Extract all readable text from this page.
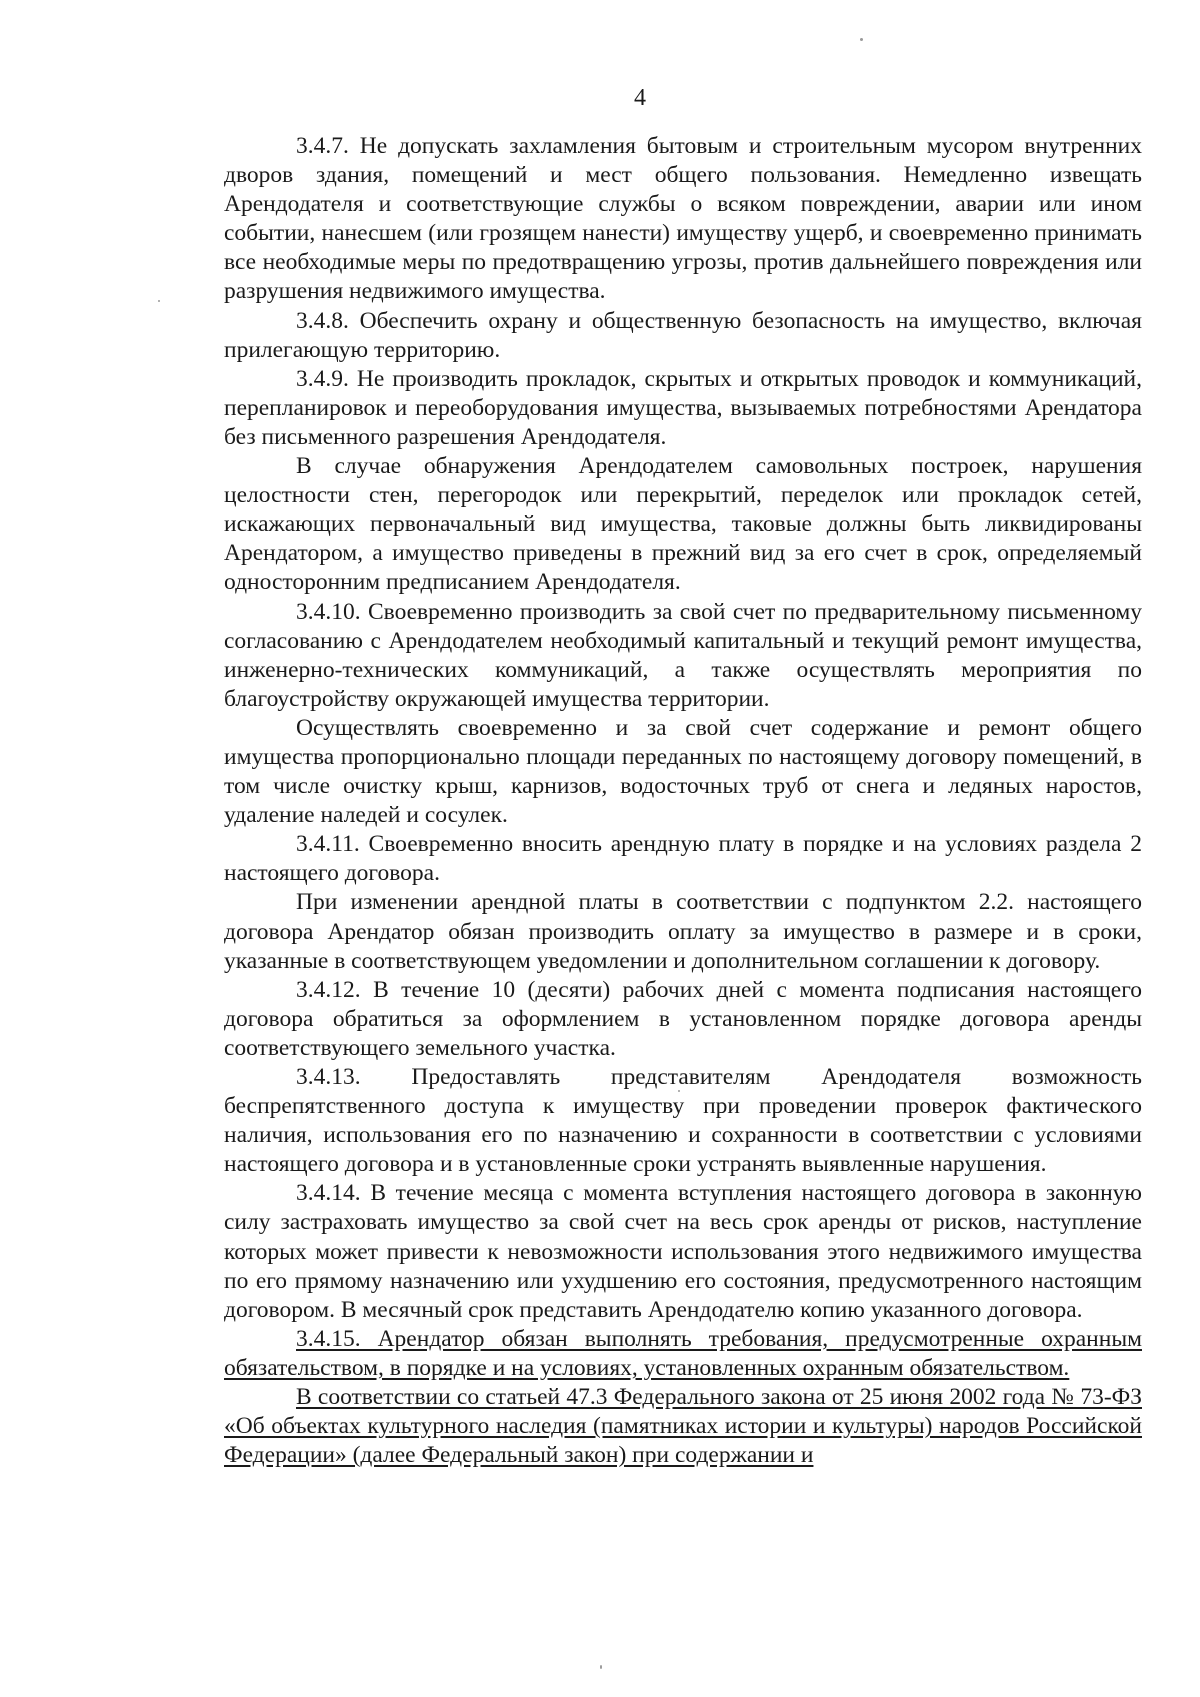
4

3.4.7. Не допускать захламления бытовым и строительным мусором внутренних дворов здания, помещений и мест общего пользования. Немедленно извещать Арендодателя и соответствующие службы о всяком повреждении, аварии или ином событии, нанесшем (или грозящем нанести) имуществу ущерб, и своевременно принимать все необходимые меры по предотвращению угрозы, против дальнейшего повреждения или разрушения недвижимого имущества.

3.4.8. Обеспечить охрану и общественную безопасность на имущество, включая прилегающую территорию.

3.4.9. Не производить прокладок, скрытых и открытых проводок и коммуникаций, перепланировок и переоборудования имущества, вызываемых потребностями Арендатора без письменного разрешения Арендодателя.

В случае обнаружения Арендодателем самовольных построек, нарушения целостности стен, перегородок или перекрытий, переделок или прокладок сетей, искажающих первоначальный вид имущества, таковые должны быть ликвидированы Арендатором, а имущество приведены в прежний вид за его счет в срок, определяемый односторонним предписанием Арендодателя.

3.4.10. Своевременно производить за свой счет по предварительному письменному согласованию с Арендодателем необходимый капитальный и текущий ремонт имущества, инженерно-технических коммуникаций, а также осуществлять мероприятия по благоустройству окружающей имущества территории.

Осуществлять своевременно и за свой счет содержание и ремонт общего имущества пропорционально площади переданных по настоящему договору помещений, в том числе очистку крыш, карнизов, водосточных труб от снега и ледяных наростов, удаление наледей и сосулек.

3.4.11. Своевременно вносить арендную плату в порядке и на условиях раздела 2 настоящего договора.

При изменении арендной платы в соответствии с подпунктом 2.2. настоящего договора Арендатор обязан производить оплату за имущество в размере и в сроки, указанные в соответствующем уведомлении и дополнительном соглашении к договору.

3.4.12. В течение 10 (десяти) рабочих дней с момента подписания настоящего договора обратиться за оформлением в установленном порядке договора аренды соответствующего земельного участка.

3.4.13. Предоставлять представителям Арендодателя возможность беспрепятственного доступа к имуществу при проведении проверок фактического наличия, использования его по назначению и сохранности в соответствии с условиями настоящего договора и в установленные сроки устранять выявленные нарушения.

3.4.14. В течение месяца с момента вступления настоящего договора в законную силу застраховать имущество за свой счет на весь срок аренды от рисков, наступление которых может привести к невозможности использования этого недвижимого имущества по его прямому назначению или ухудшению его состояния, предусмотренного настоящим договором. В месячный срок представить Арендодателю копию указанного договора.

3.4.15. Арендатор обязан выполнять требования, предусмотренные охранным обязательством, в порядке и на условиях, установленных охранным обязательством.

В соответствии со статьей 47.3 Федерального закона от 25 июня 2002 года № 73-ФЗ «Об объектах культурного наследия (памятниках истории и культуры) народов Российской Федерации» (далее Федеральный закон) при содержании и
